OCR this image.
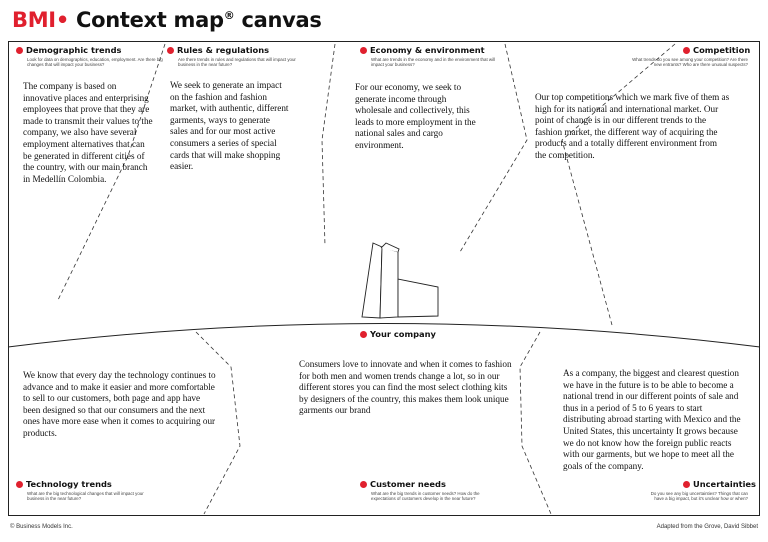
BMI• Context map® canvas
Demographic trends
Look for data on demographics, education, employment. Are there big changes that will impact your business?
The company is based on innovative places and enterprising employees that prove that they are made to transmit their values to the company, we also have several employment alternatives that can be generated in different cities of the country, with our main branch in Medellín Colombia.
Rules & regulations
Are there trends in rules and regulations that will impact your business in the near future?
We seek to generate an impact on the fashion and fashion market, with authentic, different garments, ways to generate sales and for our most active consumers a series of special cards that will make shopping easier.
Economy & environment
What are trends in the economy and in the environment that will impact your business?
For our economy, we seek to generate income through wholesale and collectively, this leads to more employment in the national sales and cargo environment.
Competition
What trends do you see among your competition? Are there new entrants? Who are there unusual suspects?
Our top competitions which we mark five of them as high for its national and international market. Our point of change is in our different trends to the fashion market, the different way of acquiring the products and a totally different environment from the competition.
Your company
We know that every day the technology continues to advance and to make it easier and more comfortable to sell to our customers, both page and app have been designed so that our consumers and the next ones have more ease when it comes to acquiring our products.
Technology trends
What are the big technological changes that will impact your business in the near future?
Consumers love to innovate and when it comes to fashion for both men and women trends change a lot, so in our different stores you can find the most select clothing kits by designers of the country, this makes them look unique garments our brand
Customer needs
What are the big trends in customer needs? How do the expectations of customers develop in the near future?
As a company, the biggest and clearest question we have in the future is to be able to become a national trend in our different points of sale and thus in a period of 5 to 6 years to start distributing abroad starting with Mexico and the United States, this uncertainty It grows because we do not know how the foreign public reacts with our garments, but we hope to meet all the goals of the company.
Uncertainties
Do you see any big uncertainties? Things that can have a big impact, but it's unclear how or when?
© Business Models Inc.	Adapted from the Grove, David Sibbet
